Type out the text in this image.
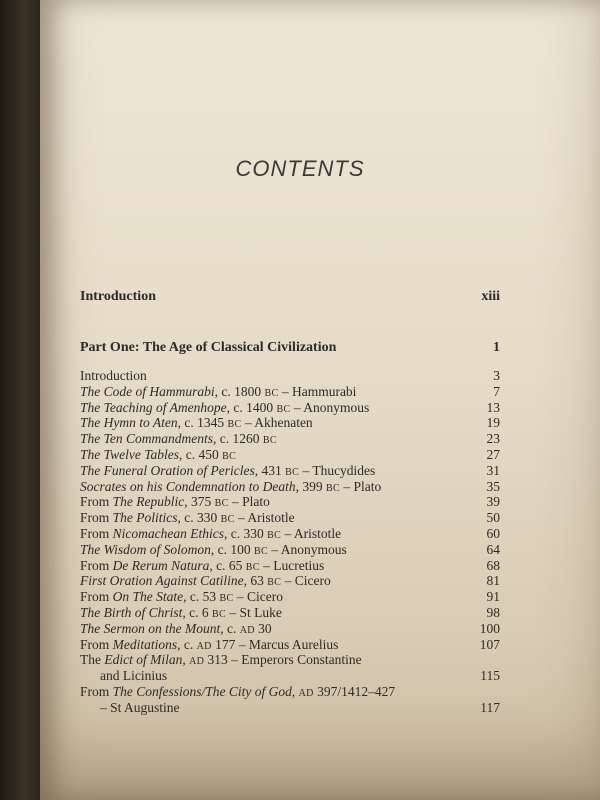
CONTENTS
Introduction	xiii
Part One: The Age of Classical Civilization	1
Introduction	3
The Code of Hammurabi, c. 1800 BC – Hammurabi	7
The Teaching of Amenhope, c. 1400 BC – Anonymous	13
The Hymn to Aten, c. 1345 BC – Akhenaten	19
The Ten Commandments, c. 1260 BC	23
The Twelve Tables, c. 450 BC	27
The Funeral Oration of Pericles, 431 BC – Thucydides	31
Socrates on his Condemnation to Death, 399 BC – Plato	35
From The Republic, 375 BC – Plato	39
From The Politics, c. 330 BC – Aristotle	50
From Nicomachean Ethics, c. 330 BC – Aristotle	60
The Wisdom of Solomon, c. 100 BC – Anonymous	64
From De Rerum Natura, c. 65 BC – Lucretius	68
First Oration Against Catiline, 63 BC – Cicero	81
From On The State, c. 53 BC – Cicero	91
The Birth of Christ, c. 6 BC – St Luke	98
The Sermon on the Mount, c. AD 30	100
From Meditations, c. AD 177 – Marcus Aurelius	107
The Edict of Milan, AD 313 – Emperors Constantine
and Licinius	115
From The Confessions/The City of God, AD 397/1412–427
– St Augustine	117
